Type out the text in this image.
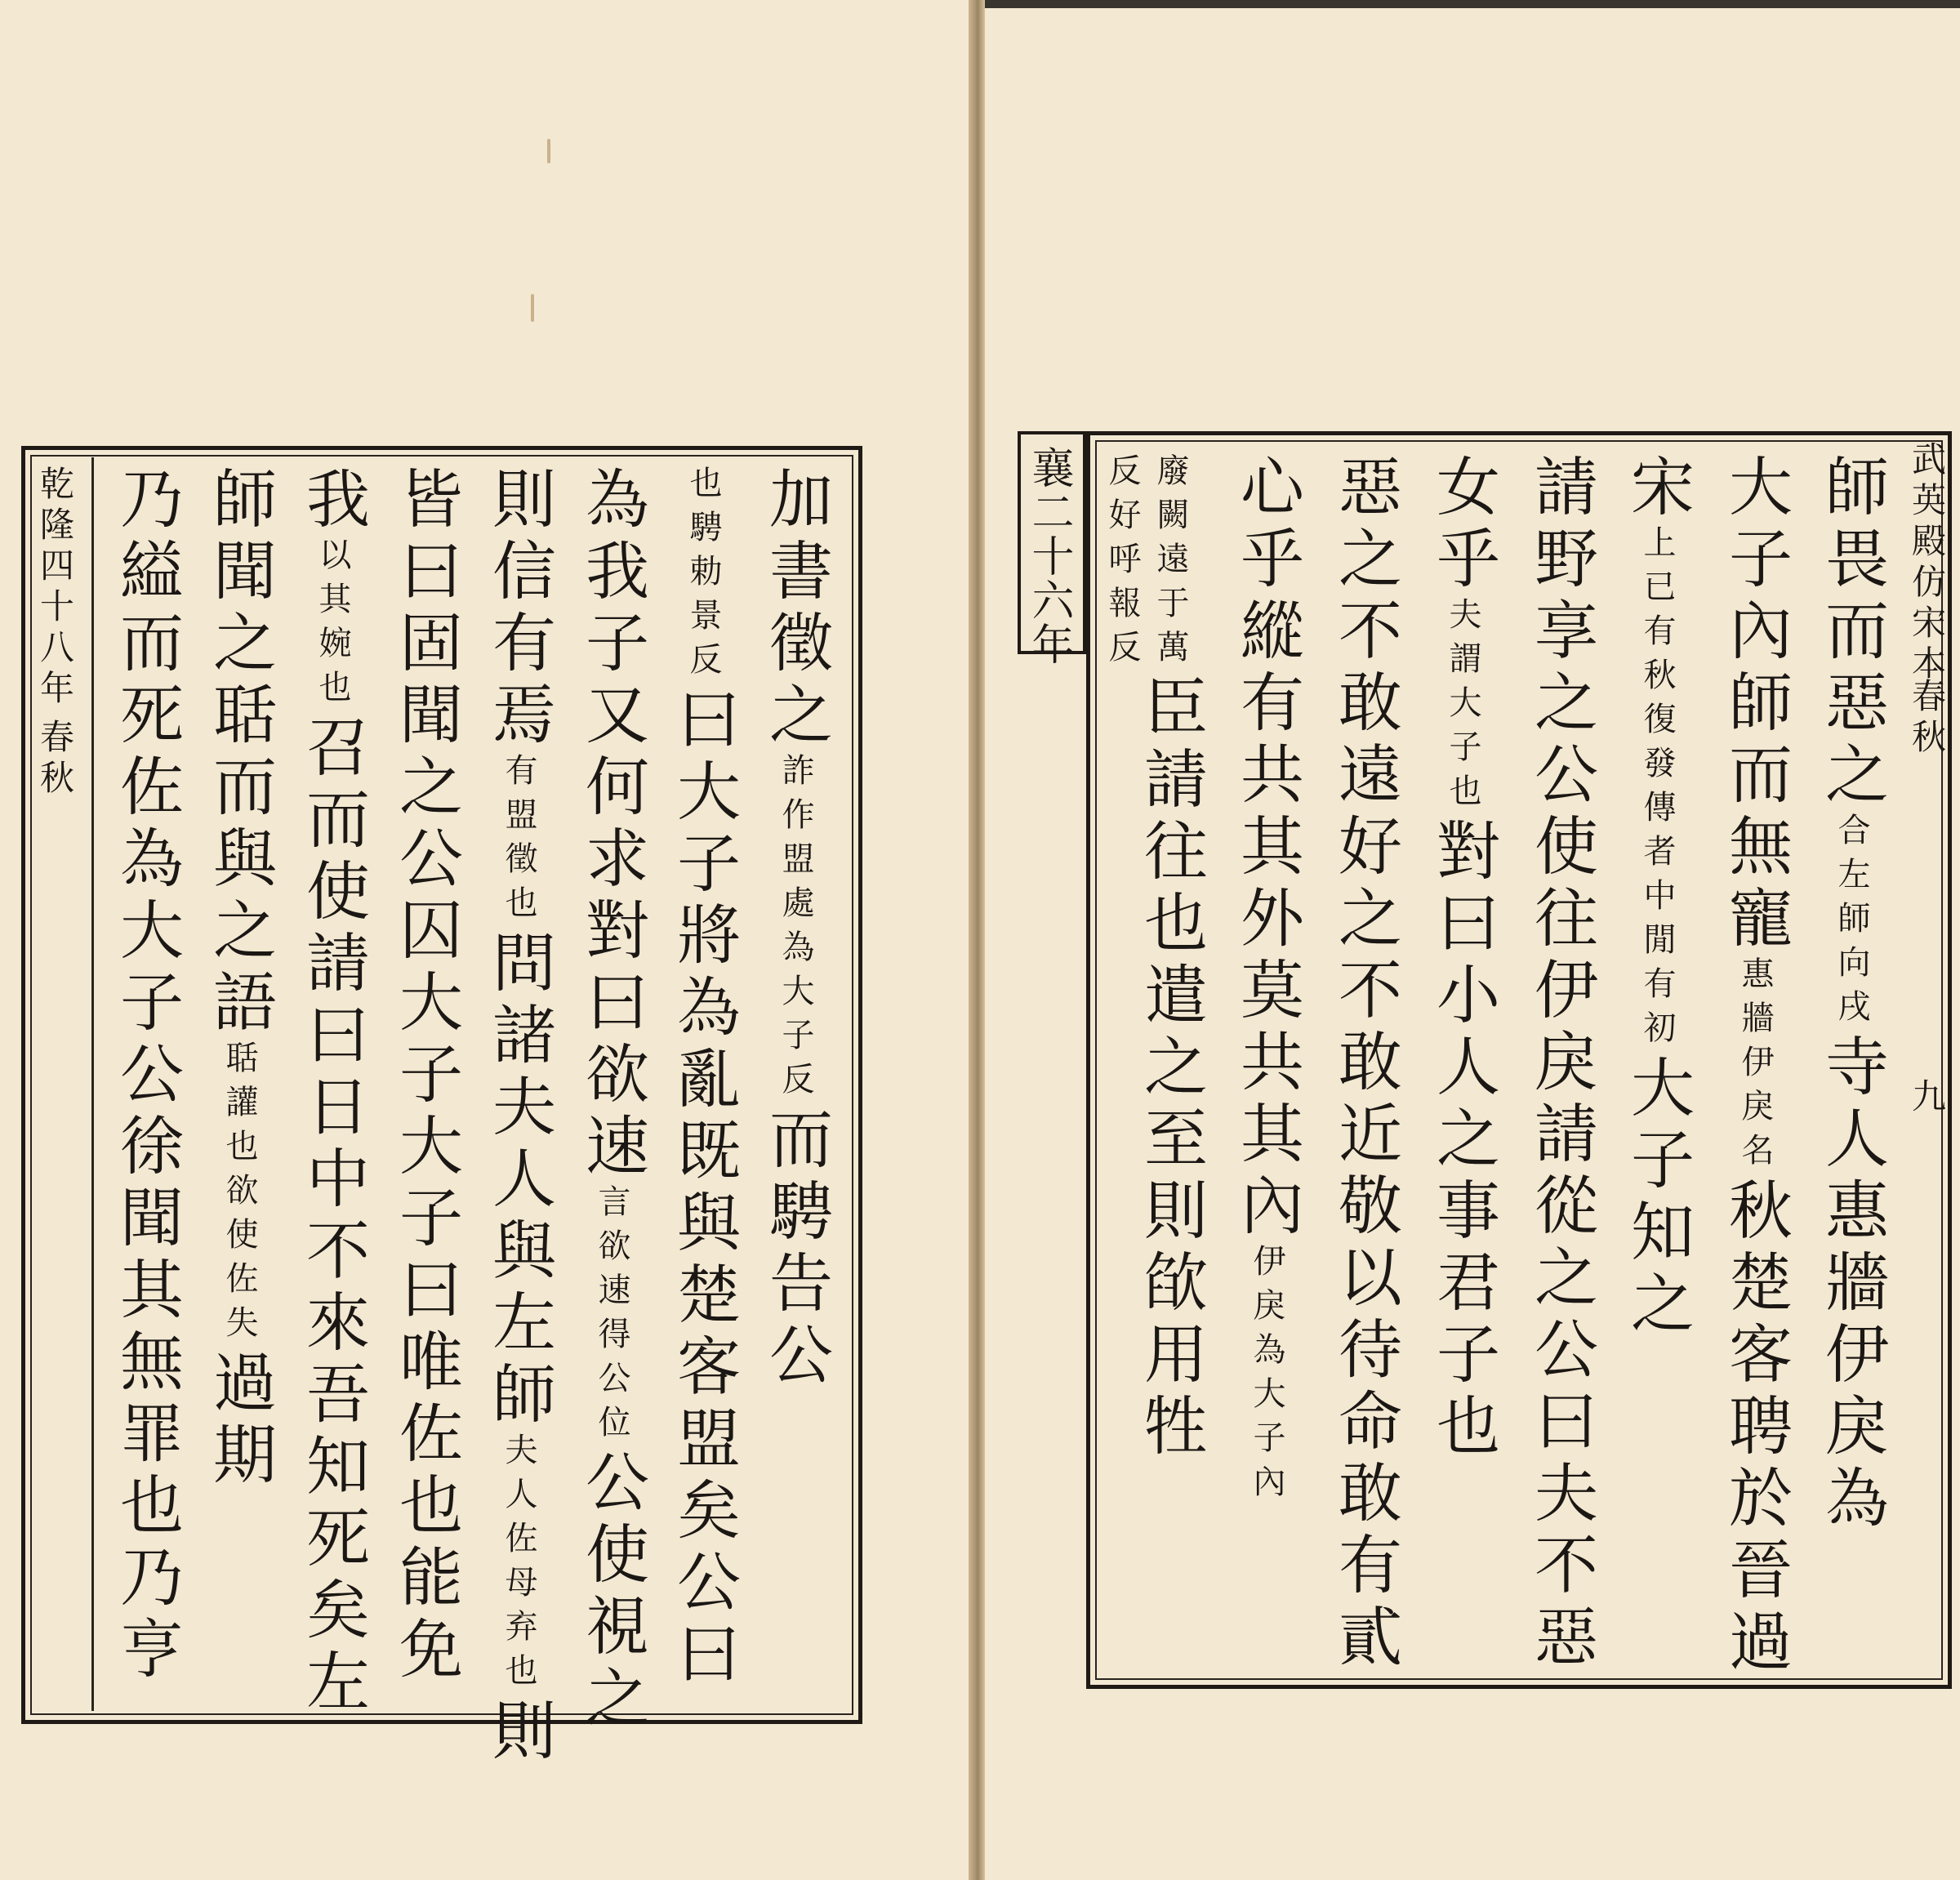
襄二十六年	武英殿仿宋本
春秋
九
師畏而惡之合左師向戌寺人惠牆伊戾為
大子內師而無寵惠牆伊戾名秋楚客聘於晉過
宋上已有秋復發傳者中閒有初大子知之
請野享之公使往伊戾請從之公曰夫不惡
女乎夫謂大子也對曰小人之事君子也
惡之不敢遠好之不敢近敬以待命敢有貳
心乎縱有共其外莫共其內伊戾為大子內
廢闕遠于萬臣請往也遣之至則欿用牲
反好呼報反
乾隆四十八年
春秋
加書徵之詐作盟處為大子反而騁告公
也騁勅景反曰大子將為亂既與楚客盟矣公曰
為我子又何求對曰欲速言欲速得公位公使視之
則信有焉有盟徵也問諸夫人與左師夫人佐母弃也則
皆曰固聞之公囚大子大子曰唯佐也能免
我以其婉也召而使請曰日中不來吾知死矣左
師聞之聒而與之語聒讙也欲使佐失過期
乃縊而死佐為大子公徐聞其無罪也乃亨
